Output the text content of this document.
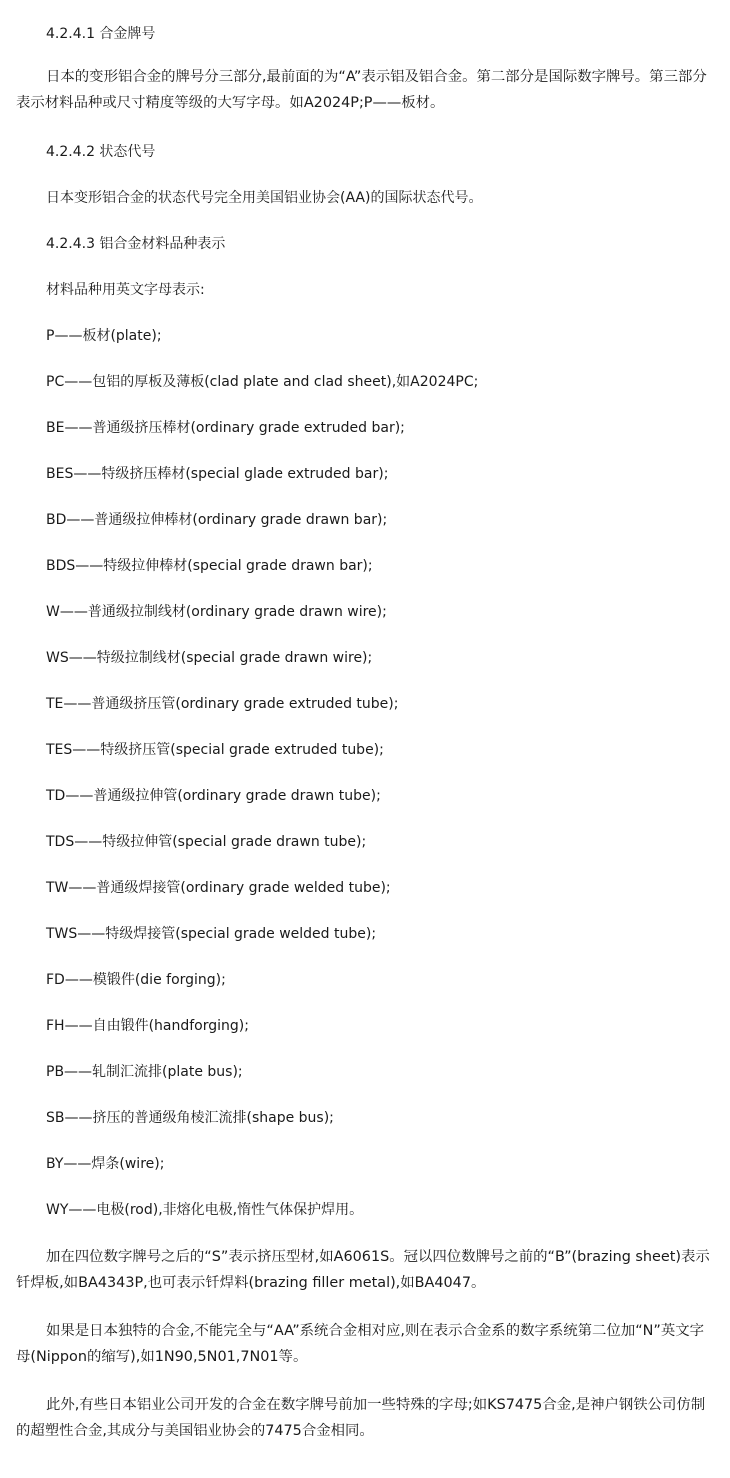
4.2.4.1 合金牌号
日本的变形铝合金的牌号分三部分,最前面的为“A”表示铝及铝合金。第二部分是国际数字牌号。第三部分表示材料品种或尺寸精度等级的大写字母。如A2024P;P——板材。
4.2.4.2 状态代号
日本变形铝合金的状态代号完全用美国铝业协会(AA)的国际状态代号。
4.2.4.3 铝合金材料品种表示
材料品种用英文字母表示:
P——板材(plate);
PC——包铝的厚板及薄板(clad plate and clad sheet),如A2024PC;
BE——普通级挤压棒材(ordinary grade extruded bar);
BES——特级挤压棒材(special glade extruded bar);
BD——普通级拉伸棒材(ordinary grade drawn bar);
BDS——特级拉伸棒材(special grade drawn bar);
W——普通级拉制线材(ordinary grade drawn wire);
WS——特级拉制线材(special grade drawn wire);
TE——普通级挤压管(ordinary grade extruded tube);
TES——特级挤压管(special grade extruded tube);
TD——普通级拉伸管(ordinary grade drawn tube);
TDS——特级拉伸管(special grade drawn tube);
TW——普通级焊接管(ordinary grade welded tube);
TWS——特级焊接管(special grade welded tube);
FD——模锻件(die forging);
FH——自由锻件(handforging);
PB——轧制汇流排(plate bus);
SB——挤压的普通级角棱汇流排(shape bus);
BY——焊条(wire);
WY——电极(rod),非熔化电极,惰性气体保护焊用。
加在四位数字牌号之后的“S”表示挤压型材,如A6061S。冠以四位数牌号之前的“B”(brazing sheet)表示钎焊板,如BA4343P,也可表示钎焊料(brazing filler metal),如BA4047。
如果是日本独特的合金,不能完全与“AA”系统合金相对应,则在表示合金系的数字系统第二位加“N”英文字母(Nippon的缩写),如1N90,5N01,7N01等。
此外,有些日本铝业公司开发的合金在数字牌号前加一些特殊的字母;如KS7475合金,是神户钢铁公司仿制的超塑性合金,其成分与美国铝业协会的7475合金相同。
